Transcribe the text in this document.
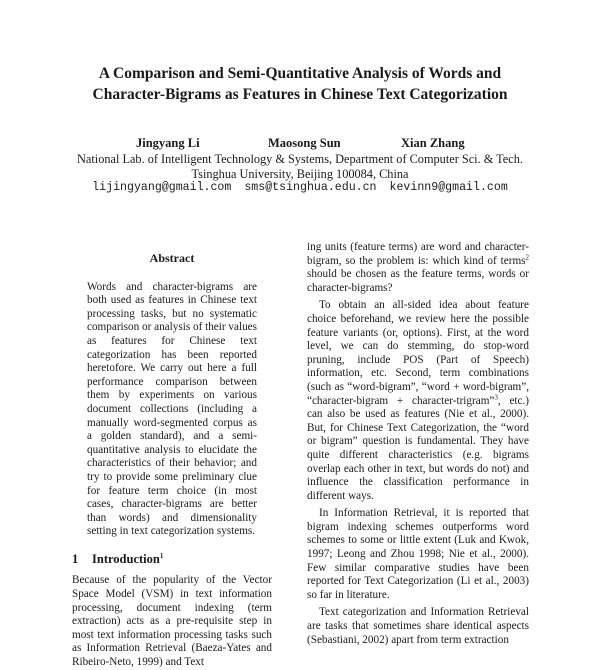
A Comparison and Semi-Quantitative Analysis of Words and
Character-Bigrams as Features in Chinese Text Categorization
Jingyang Li	Maosong Sun	Xian Zhang
National Lab. of Intelligent Technology & Systems, Department of Computer Sci. & Tech.
Tsinghua University, Beijing 100084, China
lijingyang@gmail.com sms@tsinghua.edu.cn kevinn9@gmail.com

Abstract

Words and character-bigrams are both used as features in Chinese text processing tasks, but no systematic comparison or analysis of their values as features for Chinese text categorization has been reported heretofore. We carry out here a full performance comparison between them by experiments on various document collections (including a manually word-segmented corpus as a golden standard), and a semi-quantitative analysis to elucidate the characteristics of their behavior; and try to provide some preliminary clue for feature term choice (in most cases, character-bigrams are better than words) and dimensionality setting in text categorization systems.

1 Introduction$^1$

Because of the popularity of the Vector Space Model (VSM) in text information processing, document indexing (term extraction) acts as a pre-requisite step in most text information processing tasks such as Information Retrieval (Baeza-Yates and Ribeiro-Neto, 1999) and Text

ing units (feature terms) are word and character-bigram, so the problem is: which kind of terms$^2$ should be chosen as the feature terms, words or character-bigrams?

To obtain an all-sided idea about feature choice beforehand, we review here the possible feature variants (or, options). First, at the word level, we can do stemming, do stop-word pruning, include POS (Part of Speech) information, etc. Second, term combinations (such as “word-bigram”, “word + word-bigram”, “character-bigram + character-trigram”$^3$, etc.) can also be used as features (Nie et al., 2000). But, for Chinese Text Categorization, the “word or bigram” question is fundamental. They have quite different characteristics (e.g. bigrams overlap each other in text, but words do not) and influence the classification performance in different ways.

In Information Retrieval, it is reported that bigram indexing schemes outperforms word schemes to some or little extent (Luk and Kwok, 1997; Leong and Zhou 1998; Nie et al., 2000). Few similar comparative studies have been reported for Text Categorization (Li et al., 2003) so far in literature.

Text categorization and Information Retrieval are tasks that sometimes share identical aspects (Sebastiani, 2002) apart from term extraction
